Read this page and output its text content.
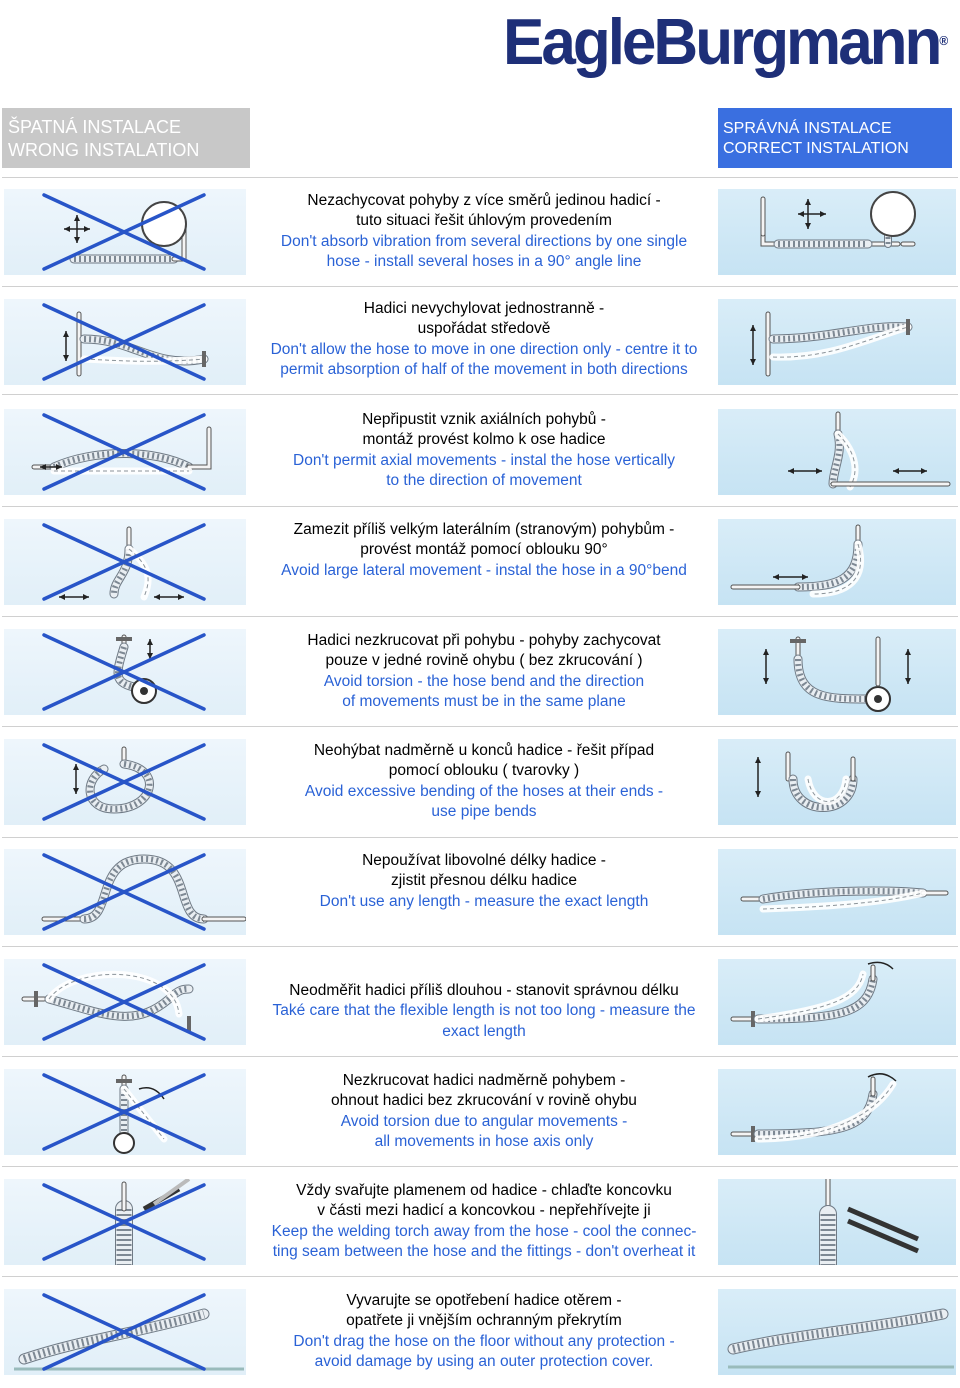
EagleBurgmann®
ŠPATNÁ INSTALACE
WRONG INSTALATION
SPRÁVNÁ INSTALACE
CORRECT INSTALATION
Nezachycovat pohyby z více směrů jedinou hadicí -
tuto situaci řešit úhlovým provedením
Don't absorb vibration from several directions by one single
hose - install several hoses in a 90° angle line
Hadici nevychylovat jednostranně -
uspořádat středově
Don't allow the hose to move in one direction only - centre it to
permit absorption of half of the movement in both directions
Nepřipustit vznik axiálních pohybů -
montáž provést kolmo k ose hadice
Don't permit axial movements - instal the hose vertically
to the direction of movement
Zamezit příliš velkým laterálním (stranovým) pohybům -
provést montáž pomocí oblouku 90°
Avoid large lateral movement - instal the hose in a 90°bend
Hadici nezkrucovat při pohybu - pohyby zachycovat
pouze v jedné rovině ohybu ( bez zkrucování )
Avoid torsion - the hose bend and the direction
of movements must be in the same plane
Neohýbat nadměrně u konců hadice - řešit případ
pomocí oblouku ( tvarovky )
Avoid excessive bending of the hoses at their ends -
use pipe bends
Nepoužívat libovolné délky hadice -
zjistit přesnou délku hadice
Don't use any length - measure the exact length
Neodměřit hadici příliš dlouhou - stanovit správnou délku
Také care that the flexible length is not too long - measure the
exact length
Nezkrucovat hadici nadměrně pohybem -
ohnout hadici bez zkrucování v rovině ohybu
Avoid torsion due to angular movements -
all movements in hose axis only
Vždy svařujte plamenem od hadice - chlaďte koncovku
v části mezi hadicí a koncovkou - nepřehřívejte ji
Keep the welding torch away from the hose - cool the connec-
ting seam between the hose and the fittings - don't overheat it
Vyvarujte se opotřebení hadice otěrem -
opatřete ji vnějším ochranným překrytím
Don't drag the hose on the floor without any protection -
avoid damage by using an outer protection cover.
